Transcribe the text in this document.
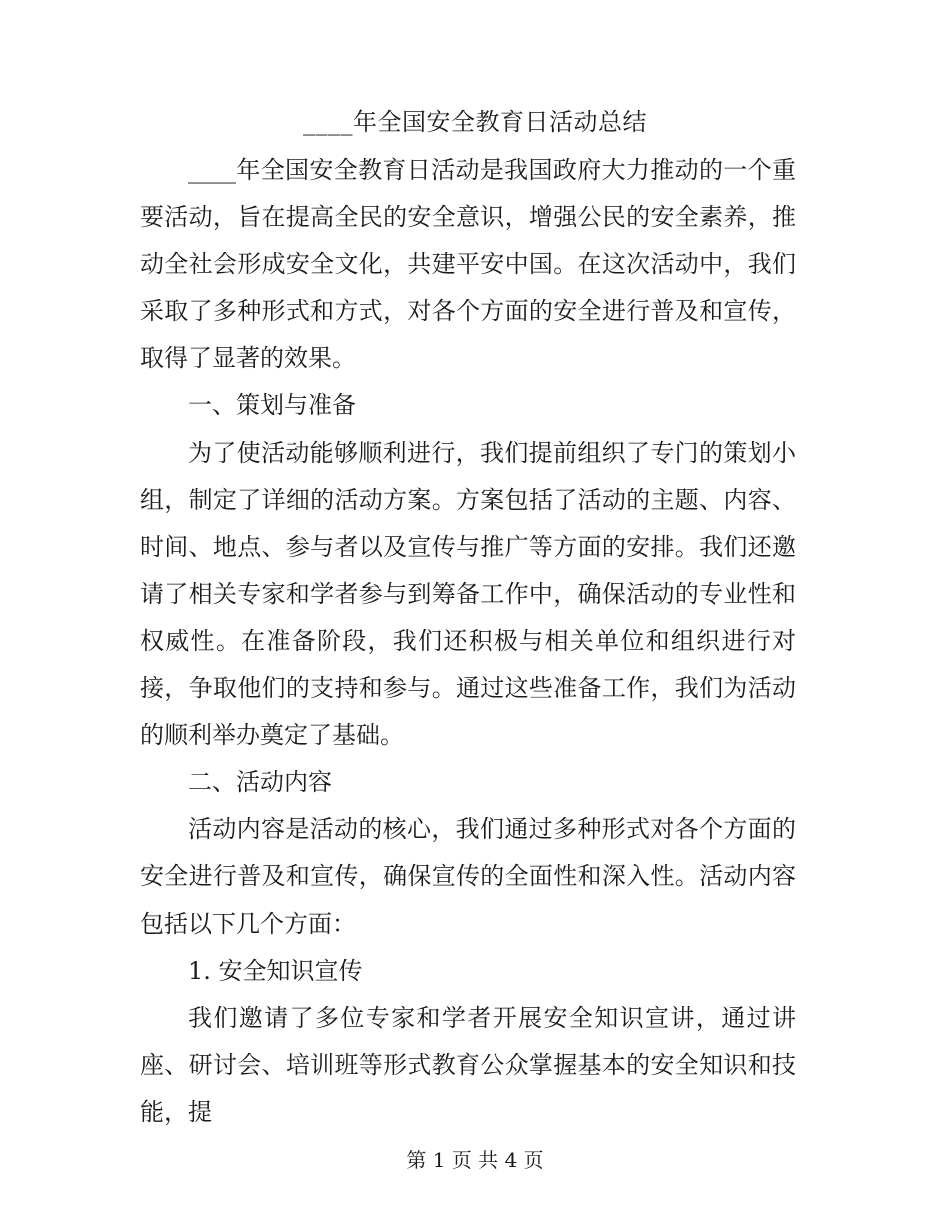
____年全国安全教育日活动总结

____年全国安全教育日活动是我国政府大力推动的一个重要活动，旨在提高全民的安全意识，增强公民的安全素养，推动全社会形成安全文化，共建平安中国。在这次活动中，我们采取了多种形式和方式，对各个方面的安全进行普及和宣传，取得了显著的效果。

一、策划与准备

为了使活动能够顺利进行，我们提前组织了专门的策划小组，制定了详细的活动方案。方案包括了活动的主题、内容、时间、地点、参与者以及宣传与推广等方面的安排。我们还邀请了相关专家和学者参与到筹备工作中，确保活动的专业性和权威性。在准备阶段，我们还积极与相关单位和组织进行对接，争取他们的支持和参与。通过这些准备工作，我们为活动的顺利举办奠定了基础。

二、活动内容

活动内容是活动的核心，我们通过多种形式对各个方面的安全进行普及和宣传，确保宣传的全面性和深入性。活动内容包括以下几个方面：

1. 安全知识宣传

我们邀请了多位专家和学者开展安全知识宣讲，通过讲座、研讨会、培训班等形式教育公众掌握基本的安全知识和技能，提

第 1 页 共 4 页
